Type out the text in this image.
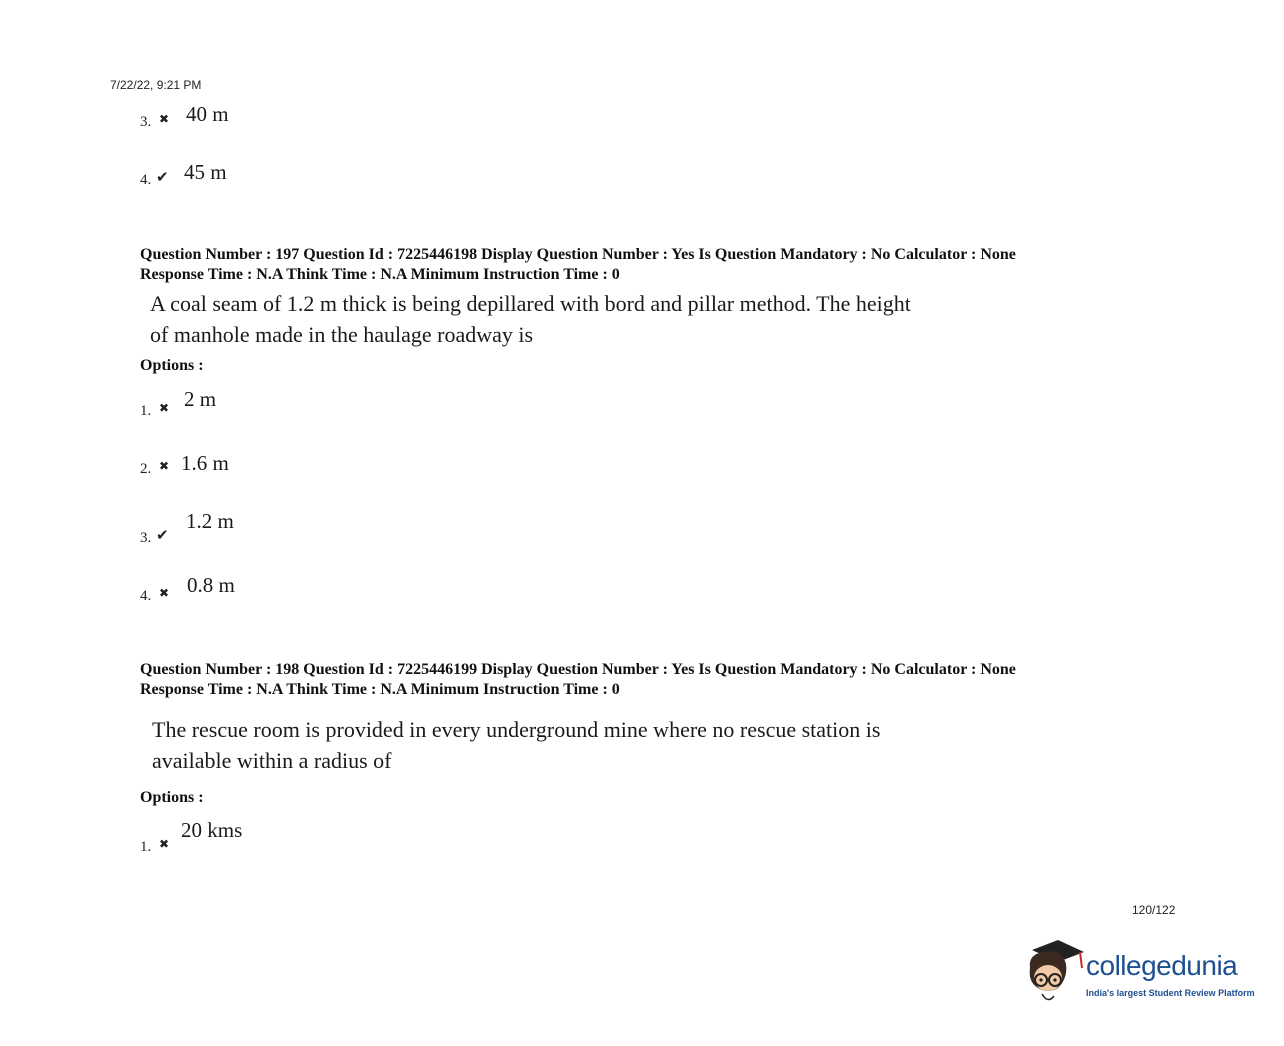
7/22/22, 9:21 PM
3. ✖ 40 m
4. ✔ 45 m
Question Number : 197 Question Id : 7225446198 Display Question Number : Yes Is Question Mandatory : No Calculator : None
Response Time : N.A Think Time : N.A Minimum Instruction Time : 0
A coal seam of 1.2 m thick is being depillared with bord and pillar method. The height
of manhole made in the haulage roadway is
Options :
1. ✖ 2 m
2. ✖ 1.6 m
3. ✔
1.2 m
4. ✖ 0.8 m
Question Number : 198 Question Id : 7225446199 Display Question Number : Yes Is Question Mandatory : No Calculator : None
Response Time : N.A Think Time : N.A Minimum Instruction Time : 0
The rescue room is provided in every underground mine where no rescue station is
available within a radius of
Options :
1. ✖
20 kms
120/122
collegedunia
India's largest Student Review Platform
